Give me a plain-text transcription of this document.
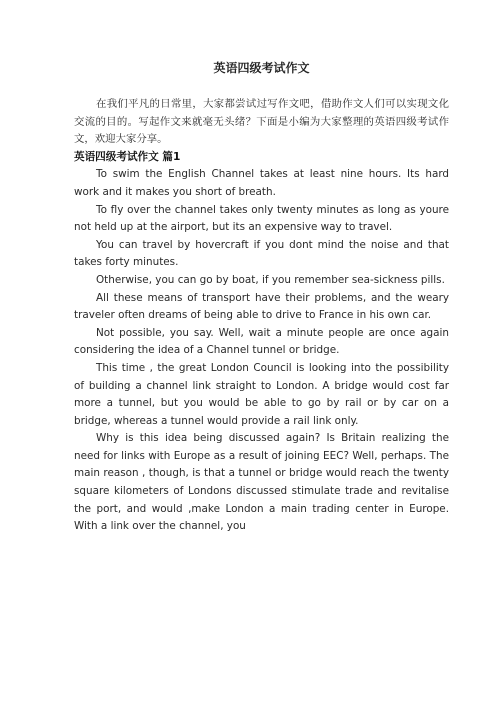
英语四级考试作文

在我们平凡的日常里，大家都尝试过写作文吧，借助作文人们可以实现文化交流的目的。写起作文来就毫无头绪？下面是小编为大家整理的英语四级考试作文，欢迎大家分享。

英语四级考试作文 篇1

To swim the English Channel takes at least nine hours. Its hard work and it makes you short of breath.

To fly over the channel takes only twenty minutes as long as youre not held up at the airport, but its an expensive way to travel.

You can travel by hovercraft if you dont mind the noise and that takes forty minutes.

Otherwise, you can go by boat, if you remember sea-sickness pills.

All these means of transport have their problems, and the weary traveler often dreams of being able to drive to France in his own car.

Not possible, you say. Well, wait a minute people are once again considering the idea of a Channel tunnel or bridge.

This time , the great London Council is looking into the possibility of building a channel link straight to London. A bridge would cost far more a tunnel, but you would be able to go by rail or by car on a bridge, whereas a tunnel would provide a rail link only.

Why is this idea being discussed again? Is Britain realizing the need for links with Europe as a result of joining EEC? Well, perhaps. The main reason , though, is that a tunnel or bridge would reach the twenty square kilometers of Londons discussed stimulate trade and revitalise the port, and would ,make London a main trading center in Europe. With a link over the channel, you
